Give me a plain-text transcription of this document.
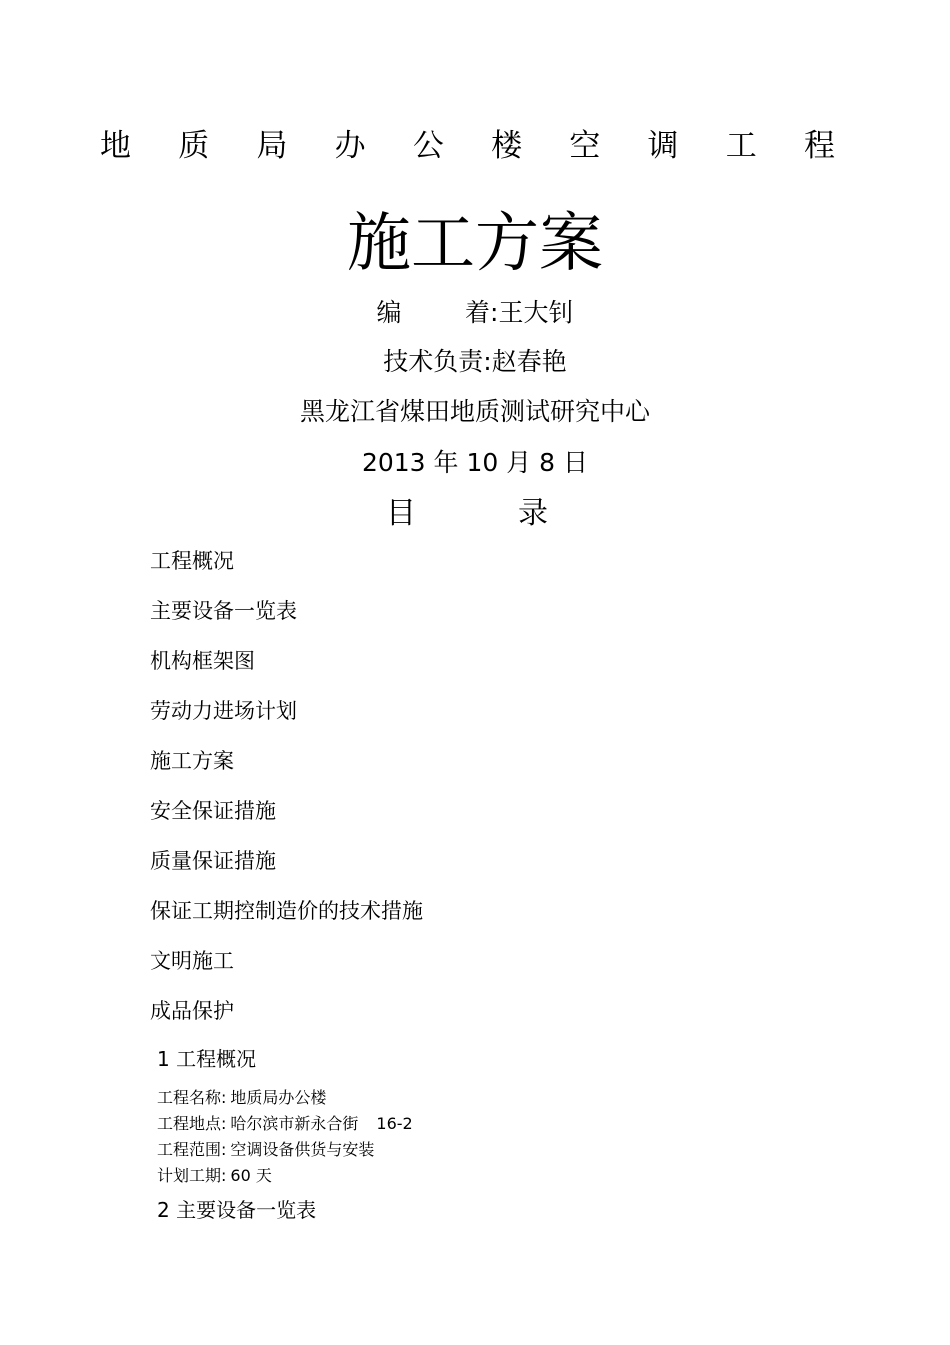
地 质 局 办 公 楼 空 调 工 程
施工方案
编        着:王大钊
技术负责:赵春艳
黑龙江省煤田地质测试研究中心
2013 年 10 月 8 日
目	录
工程概况
主要设备一览表
机构框架图
劳动力进场计划
施工方案
安全保证措施
质量保证措施
保证工期控制造价的技术措施
文明施工
成品保护
1 工程概况
工程名称: 地质局办公楼
工程地点: 哈尔滨市新永合街 16-2
工程范围: 空调设备供货与安装
计划工期: 60 天
2 主要设备一览表
